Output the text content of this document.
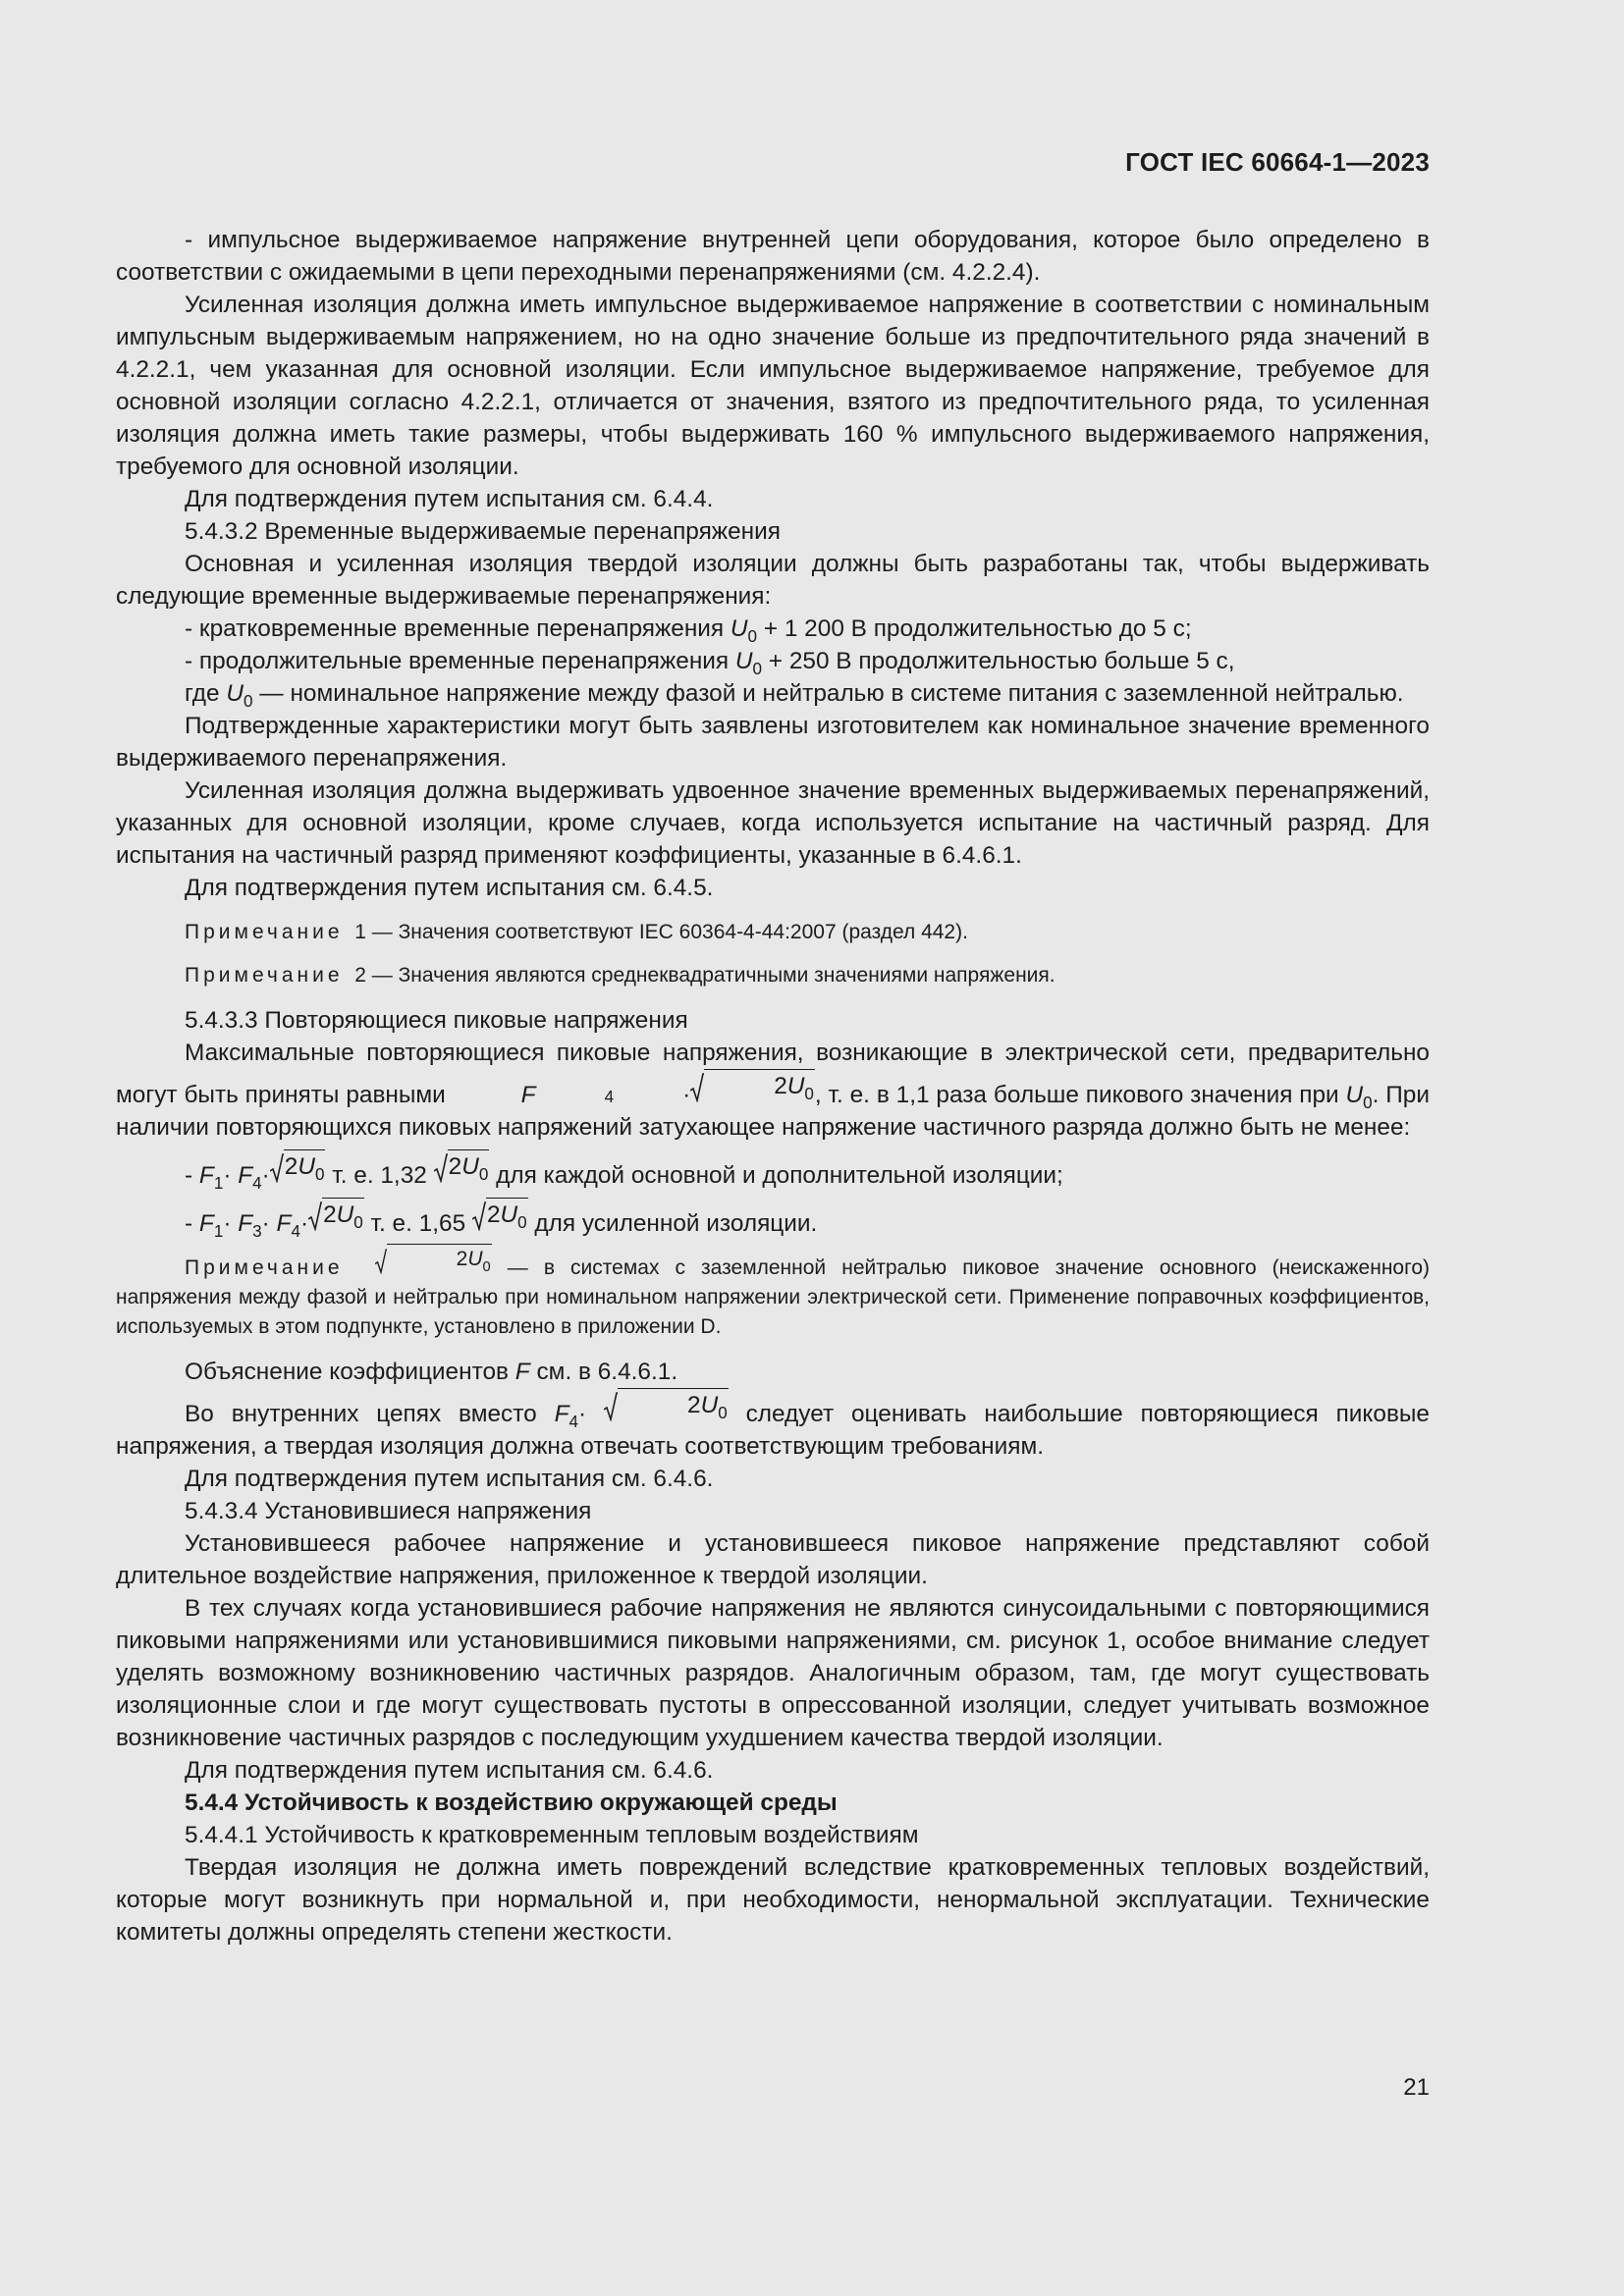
ГОСТ IEC 60664-1—2023

- импульсное выдерживаемое напряжение внутренней цепи оборудования, которое было определено в соответствии с ожидаемыми в цепи переходными перенапряжениями (см. 4.2.2.4).

Усиленная изоляция должна иметь импульсное выдерживаемое напряжение в соответствии с номинальным импульсным выдерживаемым напряжением, но на одно значение больше из предпочтительного ряда значений в 4.2.2.1, чем указанная для основной изоляции. Если импульсное выдерживаемое напряжение, требуемое для основной изоляции согласно 4.2.2.1, отличается от значения, взятого из предпочтительного ряда, то усиленная изоляция должна иметь такие размеры, чтобы выдерживать 160 % импульсного выдерживаемого напряжения, требуемого для основной изоляции.

Для подтверждения путем испытания см. 6.4.4.

5.4.3.2 Временные выдерживаемые перенапряжения

Основная и усиленная изоляция твердой изоляции должны быть разработаны так, чтобы выдерживать следующие временные выдерживаемые перенапряжения:

- кратковременные временные перенапряжения $U_0 + 1$ 200 В продолжительностью до 5 с;

- продолжительные временные перенапряжения $U_0 + 250$ В продолжительностью больше 5 с,

где $U_0$ — номинальное напряжение между фазой и нейтралью в системе питания с заземленной нейтралью.

Подтвержденные характеристики могут быть заявлены изготовителем как номинальное значение временного выдерживаемого перенапряжения.

Усиленная изоляция должна выдерживать удвоенное значение временных выдерживаемых перенапряжений, указанных для основной изоляции, кроме случаев, когда используется испытание на частичный разряд. Для испытания на частичный разряд применяют коэффициенты, указанные в 6.4.6.1.

Для подтверждения путем испытания см. 6.4.5.

Примечание 1 — Значения соответствуют IEC 60364-4-44:2007 (раздел 442).

Примечание 2 — Значения являются среднеквадратичными значениями напряжения.

5.4.3.3 Повторяющиеся пиковые напряжения

Максимальные повторяющиеся пиковые напряжения, возникающие в электрической сети, предварительно могут быть приняты равными	F	4	·	$2U_0$ , т. е. в 1,1 раза больше пикового значения при $U_0$. При наличии повторяющихся пиковых напряжений затухающее напряжение частичного разряда должно быть не менее:

- $F_1\cdot F_4\cdot 2U_0$ т. е. 1,32 $2U_0$ для каждой основной и дополнительной изоляции;

- $F_1\cdot F_3\cdot F_4\cdot 2U_0$ т. е. 1,65 $2U_0$ для усиленной изоляции.

Примечание	$2U_0$ — в системах с заземленной нейтралью пиковое значение основного (неискаженного) напряжения между фазой и нейтралью при номинальном напряжении электрической сети. Применение поправочных коэффициентов, используемых в этом подпункте, установлено в приложении D.

Объяснение коэффициентов F см. в 6.4.6.1.

Во внутренних цепях вместо $F_4\cdot$	$2U_0$ следует оценивать наибольшие повторяющиеся пиковые напряжения, а твердая изоляция должна отвечать соответствующим требованиям.

Для подтверждения путем испытания см. 6.4.6.

5.4.3.4 Установившиеся напряжения

Установившееся рабочее напряжение и установившееся пиковое напряжение представляют собой длительное воздействие напряжения, приложенное к твердой изоляции.

В тех случаях когда установившиеся рабочие напряжения не являются синусоидальными с повторяющимися пиковыми напряжениями или установившимися пиковыми напряжениями, см. рисунок 1, особое внимание следует уделять возможному возникновению частичных разрядов. Аналогичным образом, там, где могут существовать изоляционные слои и где могут существовать пустоты в опрессованной изоляции, следует учитывать возможное возникновение частичных разрядов с последующим ухудшением качества твердой изоляции.

Для подтверждения путем испытания см. 6.4.6.

5.4.4 Устойчивость к воздействию окружающей среды

5.4.4.1 Устойчивость к кратковременным тепловым воздействиям

Твердая изоляция не должна иметь повреждений вследствие кратковременных тепловых воздействий, которые могут возникнуть при нормальной и, при необходимости, ненормальной эксплуатации. Технические комитеты должны определять степени жесткости.

21
